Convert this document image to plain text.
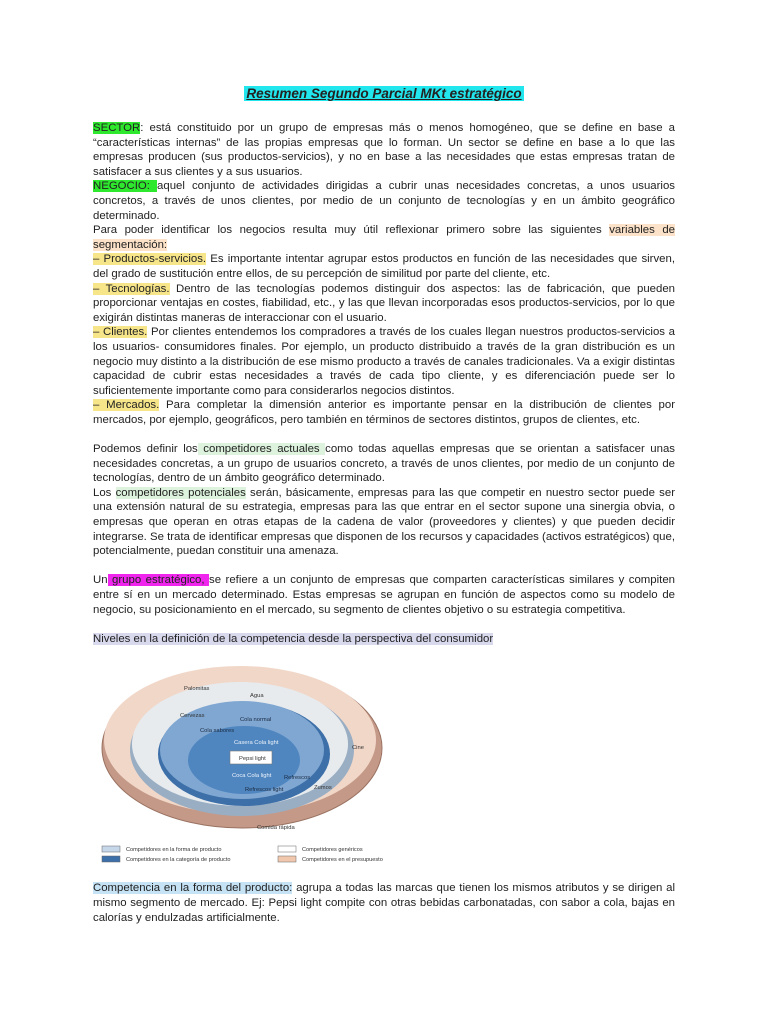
Resumen Segundo Parcial MKt estratégico

SECTOR: está constituido por un grupo de empresas más o menos homogéneo, que se define en base a “características internas” de las propias empresas que lo forman. Un sector se define en base a lo que las empresas producen (sus productos-servicios), y no en base a las necesidades que estas empresas tratan de satisfacer a sus clientes y a sus usuarios.

NEGOCIO: aquel conjunto de actividades dirigidas a cubrir unas necesidades concretas, a unos usuarios concretos, a través de unos clientes, por medio de un conjunto de tecnologías y en un ámbito geográfico determinado.

Para poder identificar los negocios resulta muy útil reflexionar primero sobre las siguientes variables de segmentación:

– Productos-servicios. Es importante intentar agrupar estos productos en función de las necesidades que sirven, del grado de sustitución entre ellos, de su percepción de similitud por parte del cliente, etc.

– Tecnologías. Dentro de las tecnologías podemos distinguir dos aspectos: las de fabricación, que pueden proporcionar ventajas en costes, fiabilidad, etc., y las que llevan incorporadas esos productos-servicios, por lo que exigirán distintas maneras de interaccionar con el usuario.

– Clientes. Por clientes entendemos los compradores a través de los cuales llegan nuestros productos-servicios a los usuarios- consumidores finales. Por ejemplo, un producto distribuido a través de la gran distribución es un negocio muy distinto a la distribución de ese mismo producto a través de canales tradicionales. Va a exigir distintas capacidad de cubrir estas necesidades a través de cada tipo cliente, y es diferenciación puede ser lo suficientemente importante como para considerarlos negocios distintos.

– Mercados. Para completar la dimensión anterior es importante pensar en la distribución de clientes por mercados, por ejemplo, geográficos, pero también en términos de sectores distintos, grupos de clientes, etc.

Podemos definir los competidores actuales como todas aquellas empresas que se orientan a satisfacer unas necesidades concretas, a un grupo de usuarios concreto, a través de unos clientes, por medio de un conjunto de tecnologías, dentro de un ámbito geográfico determinado.

Los competidores potenciales serán, básicamente, empresas para las que competir en nuestro sector puede ser una extensión natural de su estrategia, empresas para las que entrar en el sector supone una sinergia obvia, o empresas que operan en otras etapas de la cadena de valor (proveedores y clientes) y que pueden decidir integrarse. Se trata de identificar empresas que disponen de los recursos y capacidades (activos estratégicos) que, potencialmente, puedan constituir una amenaza.

Un grupo estratégico, se refiere a un conjunto de empresas que comparten características similares y compiten entre sí en un mercado determinado. Estas empresas se agrupan en función de aspectos como su modelo de negocio, su posicionamiento en el mercado, su segmento de clientes objetivo o su estrategia competitiva.

Niveles en la definición de la competencia desde la perspectiva del consumidor

Palomitas
Cervezas
Cine
Comida rápida
Agua
Zumos
Cola normal
Cola sabores
Refrescos
Refrescos light
Casera Cola light
Coca Cola light
Pepsi light
Competidores en la forma de producto	Competidores genéricos
Competidores en la categoría de producto	Competidores en el presupuesto

Competencia en la forma del producto: agrupa a todas las marcas que tienen los mismos atributos y se dirigen al mismo segmento de mercado. Ej: Pepsi light compite con otras bebidas carbonatadas, con sabor a cola, bajas en calorías y endulzadas artificialmente.
